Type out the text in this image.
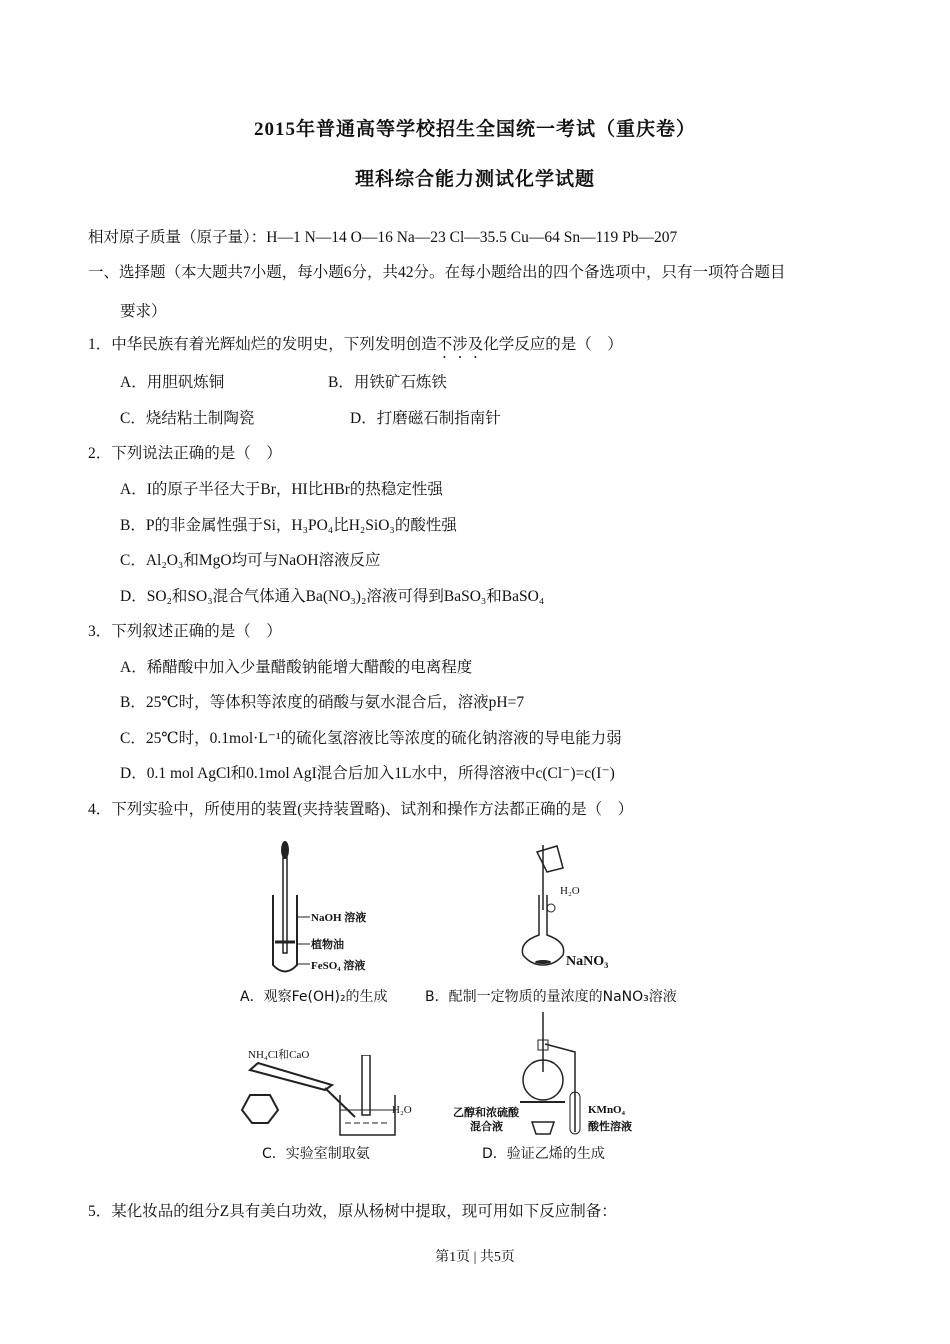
2015年普通高等学校招生全国统一考试（重庆卷）
理科综合能力测试化学试题
相对原子质量（原子量）：H—1 N—14 O—16 Na—23 Cl—35.5 Cu—64 Sn—119 Pb—207
一、选择题（本大题共7小题，每小题6分，共42分。在每小题给出的四个备选项中，只有一项符合题目
要求）
1．中华民族有着光辉灿烂的发明史，下列发明创造不涉及化学反应的是（　）
A．用胆矾炼铜	B．用铁矿石炼铁
C．烧结粘土制陶瓷	D．打磨磁石制指南针
2．下列说法正确的是（　）
A．I的原子半径大于Br，HI比HBr的热稳定性强
B．P的非金属性强于Si，H₃PO₄比H₂SiO₃的酸性强
C．Al₂O₃和MgO均可与NaOH溶液反应
D．SO₂和SO₃混合气体通入Ba(NO₃)₂溶液可得到BaSO₃和BaSO₄
3．下列叙述正确的是（　）
A．稀醋酸中加入少量醋酸钠能增大醋酸的电离程度
B．25℃时，等体积等浓度的硝酸与氨水混合后，溶液pH=7
C．25℃时，0.1mol·L⁻¹的硫化氢溶液比等浓度的硫化钠溶液的导电能力弱
D．0.1 mol AgCl和0.1mol AgI混合后加入1L水中，所得溶液中c(Cl⁻)=c(I⁻)
4．下列实验中，所使用的装置(夹持装置略)、试剂和操作方法都正确的是（　）
NaOH 溶液
植物油
FeSO₄ 溶液
A．观察Fe(OH)₂的生成
H₂O
NaNO₃
B．配制一定物质的量浓度的NaNO₃溶液
NH₄Cl和CaO
H₂O
C．实验室制取氨
乙醇和浓硫酸
混合液
KMnO₄
酸性溶液
D．验证乙烯的生成
5．某化妆品的组分Z具有美白功效，原从杨树中提取，现可用如下反应制备：
第1页 | 共5页
